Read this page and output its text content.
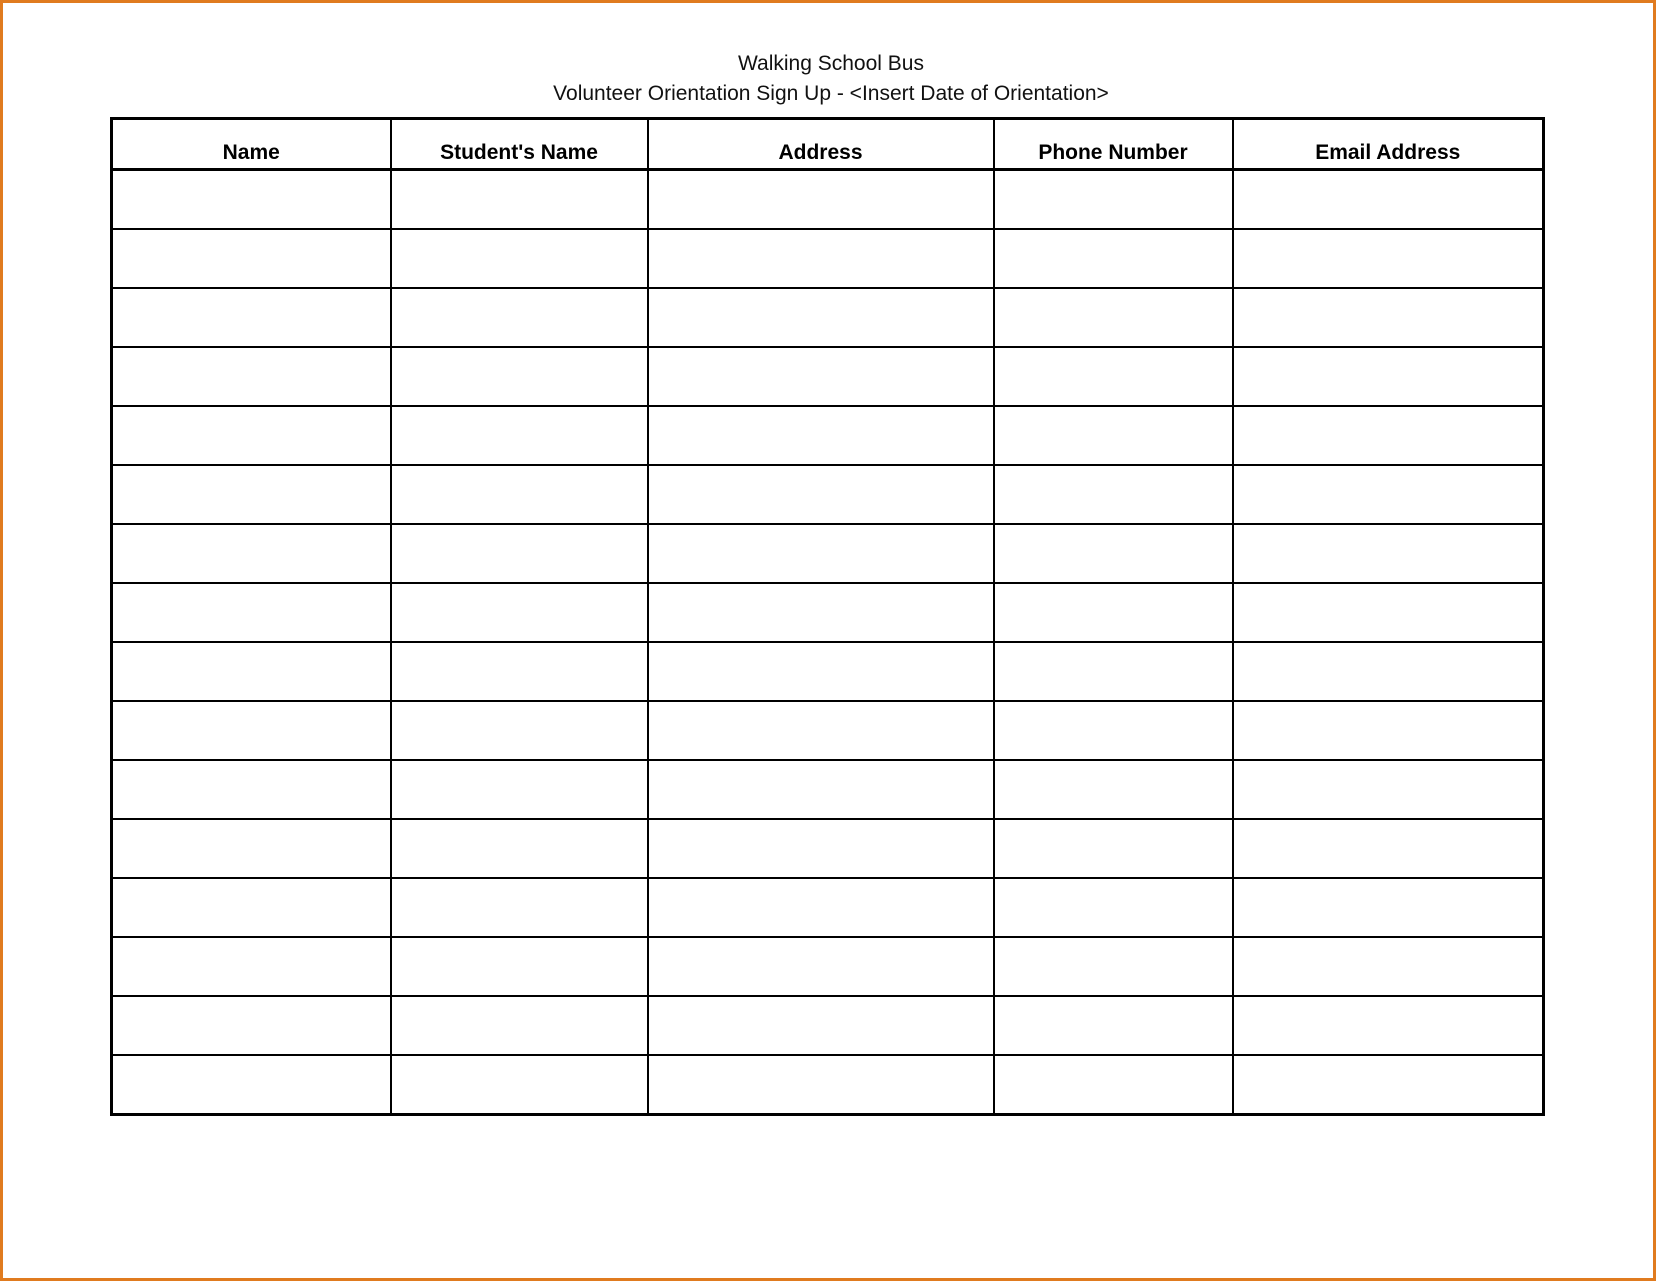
Walking School Bus
Volunteer Orientation Sign Up - <Insert Date of Orientation>
Name	Student's Name	Address	Phone Number	Email Address
